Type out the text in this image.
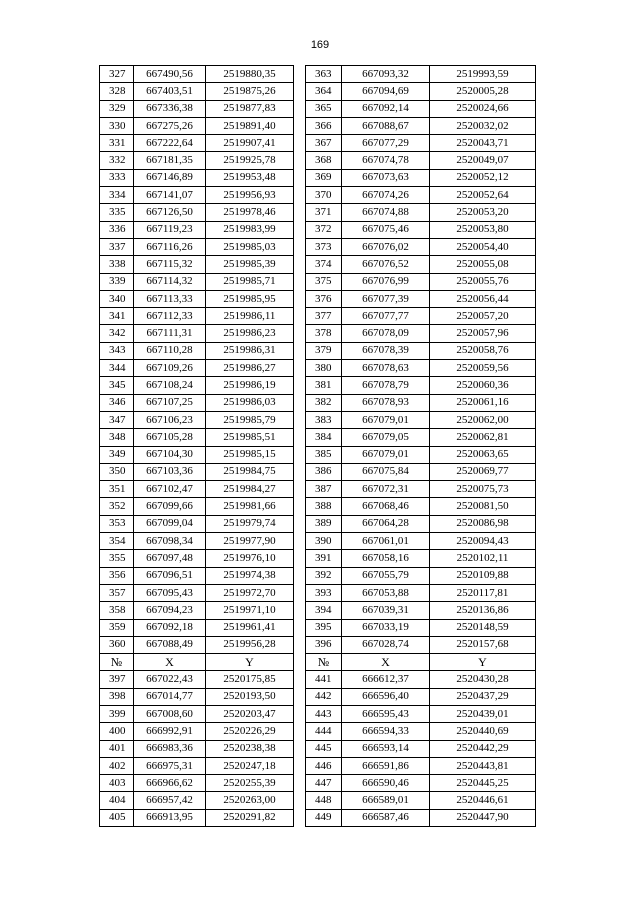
169
327	667490,56	2519880,35		363	667093,32	2519993,59
328	667403,51	2519875,26		364	667094,69	2520005,28
329	667336,38	2519877,83		365	667092,14	2520024,66
330	667275,26	2519891,40		366	667088,67	2520032,02
331	667222,64	2519907,41		367	667077,29	2520043,71
332	667181,35	2519925,78		368	667074,78	2520049,07
333	667146,89	2519953,48		369	667073,63	2520052,12
334	667141,07	2519956,93		370	667074,26	2520052,64
335	667126,50	2519978,46		371	667074,88	2520053,20
336	667119,23	2519983,99		372	667075,46	2520053,80
337	667116,26	2519985,03		373	667076,02	2520054,40
338	667115,32	2519985,39		374	667076,52	2520055,08
339	667114,32	2519985,71		375	667076,99	2520055,76
340	667113,33	2519985,95		376	667077,39	2520056,44
341	667112,33	2519986,11		377	667077,77	2520057,20
342	667111,31	2519986,23		378	667078,09	2520057,96
343	667110,28	2519986,31		379	667078,39	2520058,76
344	667109,26	2519986,27		380	667078,63	2520059,56
345	667108,24	2519986,19		381	667078,79	2520060,36
346	667107,25	2519986,03		382	667078,93	2520061,16
347	667106,23	2519985,79		383	667079,01	2520062,00
348	667105,28	2519985,51		384	667079,05	2520062,81
349	667104,30	2519985,15		385	667079,01	2520063,65
350	667103,36	2519984,75		386	667075,84	2520069,77
351	667102,47	2519984,27		387	667072,31	2520075,73
352	667099,66	2519981,66		388	667068,46	2520081,50
353	667099,04	2519979,74		389	667064,28	2520086,98
354	667098,34	2519977,90		390	667061,01	2520094,43
355	667097,48	2519976,10		391	667058,16	2520102,11
356	667096,51	2519974,38		392	667055,79	2520109,88
357	667095,43	2519972,70		393	667053,88	2520117,81
358	667094,23	2519971,10		394	667039,31	2520136,86
359	667092,18	2519961,41		395	667033,19	2520148,59
360	667088,49	2519956,28		396	667028,74	2520157,68
№	X	Y		№	X	Y
397	667022,43	2520175,85		441	666612,37	2520430,28
398	667014,77	2520193,50		442	666596,40	2520437,29
399	667008,60	2520203,47		443	666595,43	2520439,01
400	666992,91	2520226,29		444	666594,33	2520440,69
401	666983,36	2520238,38		445	666593,14	2520442,29
402	666975,31	2520247,18		446	666591,86	2520443,81
403	666966,62	2520255,39		447	666590,46	2520445,25
404	666957,42	2520263,00		448	666589,01	2520446,61
405	666913,95	2520291,82		449	666587,46	2520447,90
